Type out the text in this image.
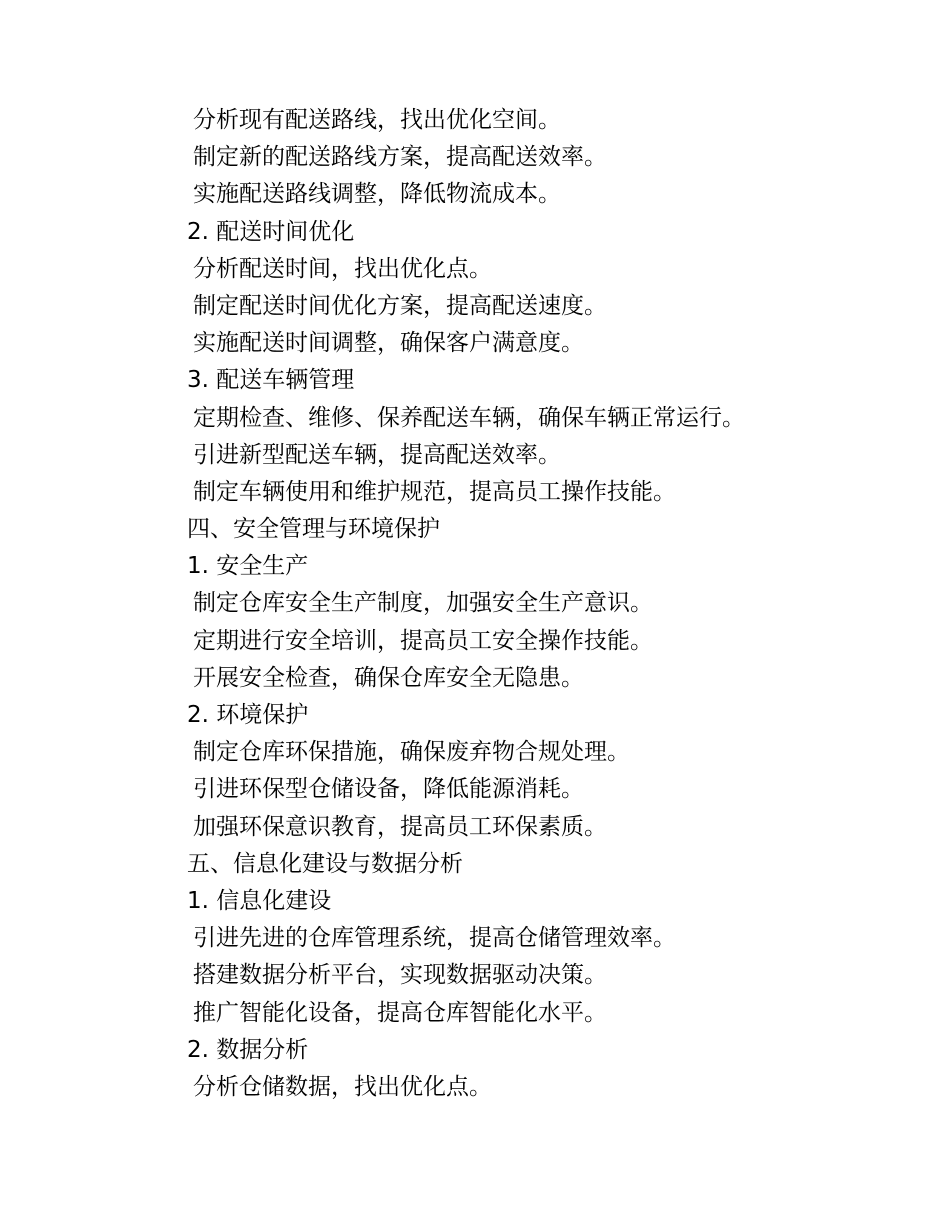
分析现有配送路线，找出优化空间。
制定新的配送路线方案，提高配送效率。
实施配送路线调整，降低物流成本。
2. 配送时间优化
分析配送时间，找出优化点。
制定配送时间优化方案，提高配送速度。
实施配送时间调整，确保客户满意度。
3. 配送车辆管理
定期检查、维修、保养配送车辆，确保车辆正常运行。
引进新型配送车辆，提高配送效率。
制定车辆使用和维护规范，提高员工操作技能。
四、安全管理与环境保护
1. 安全生产
制定仓库安全生产制度，加强安全生产意识。
定期进行安全培训，提高员工安全操作技能。
开展安全检查，确保仓库安全无隐患。
2. 环境保护
制定仓库环保措施，确保废弃物合规处理。
引进环保型仓储设备，降低能源消耗。
加强环保意识教育，提高员工环保素质。
五、信息化建设与数据分析
1. 信息化建设
引进先进的仓库管理系统，提高仓储管理效率。
搭建数据分析平台，实现数据驱动决策。
推广智能化设备，提高仓库智能化水平。
2. 数据分析
分析仓储数据，找出优化点。
